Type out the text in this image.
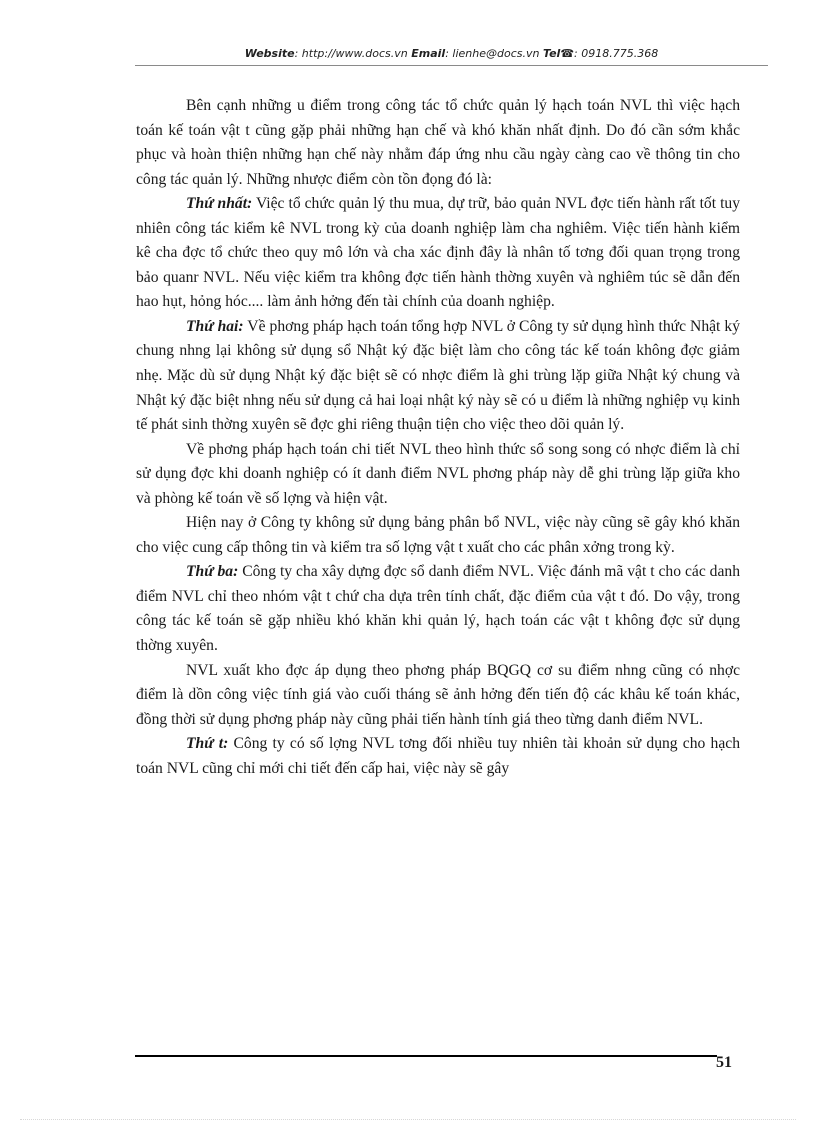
Website: http://www.docs.vn Email: lienhe@docs.vn Tel☎: 0918.775.368

Bên cạnh những u điểm trong công tác tổ chức quản lý hạch toán NVL thì việc hạch toán kế toán vật t cũng gặp phải những hạn chế và khó khăn nhất định. Do đó cần sớm khắc phục và hoàn thiện những hạn chế này nhằm đáp ứng nhu cầu ngày càng cao về thông tin cho công tác quản lý. Những nhược điểm còn tồn đọng đó là:

Thứ nhất: Việc tổ chức quản lý thu mua, dự trữ, bảo quản NVL đợc tiến hành rất tốt tuy nhiên công tác kiểm kê NVL trong kỳ của doanh nghiệp làm cha nghiêm. Việc tiến hành kiểm kê cha đợc tổ chức theo quy mô lớn và cha xác định đây là nhân tố tơng đối quan trọng trong bảo quanr NVL. Nếu việc kiểm tra không đợc tiến hành thờng xuyên và nghiêm túc sẽ dẫn đến hao hụt, hỏng hóc.... làm ảnh hởng đến tài chính của doanh nghiệp.

Thứ hai: Về phơng pháp hạch toán tổng hợp NVL ở Công ty sử dụng hình thức Nhật ký chung nhng lại không sử dụng sổ Nhật ký đặc biệt làm cho công tác kế toán không đợc giảm nhẹ. Mặc dù sử dụng Nhật ký đặc biệt sẽ có nhợc điểm là ghi trùng lặp giữa Nhật ký chung và Nhật ký đặc biệt nhng nếu sử dụng cả hai loại nhật ký này sẽ có u điểm là những nghiệp vụ kinh tế phát sinh thờng xuyên sẽ đợc ghi riêng thuận tiện cho việc theo dõi quản lý.

Về phơng pháp hạch toán chi tiết NVL theo hình thức sổ song song có nhợc điểm là chỉ sử dụng đợc khi doanh nghiệp có ít danh điểm NVL phơng pháp này dễ ghi trùng lặp giữa kho và phòng kế toán về số lợng và hiện vật.

Hiện nay ở Công ty không sử dụng bảng phân bổ NVL, việc này cũng sẽ gây khó khăn cho việc cung cấp thông tin và kiểm tra số lợng vật t xuất cho các phân xởng trong kỳ.

Thứ ba: Công ty cha xây dựng đợc sổ danh điểm NVL. Việc đánh mã vật t cho các danh điểm NVL chỉ theo nhóm vật t chứ cha dựa trên tính chất, đặc điểm của vật t đó. Do vậy, trong công tác kế toán sẽ gặp nhiều khó khăn khi quản lý, hạch toán các vật t không đợc sử dụng thờng xuyên.

NVL xuất kho đợc áp dụng theo phơng pháp BQGQ cơ su điểm nhng cũng có nhợc điểm là dồn công việc tính giá vào cuối tháng sẽ ảnh hởng đến tiến độ các khâu kế toán khác, đồng thời sử dụng phơng pháp này cũng phải tiến hành tính giá theo từng danh điểm NVL.

Thứ t: Công ty có số lợng NVL tơng đối nhiều tuy nhiên tài khoản sử dụng cho hạch toán NVL cũng chỉ mới chi tiết đến cấp hai, việc này sẽ gây

51
